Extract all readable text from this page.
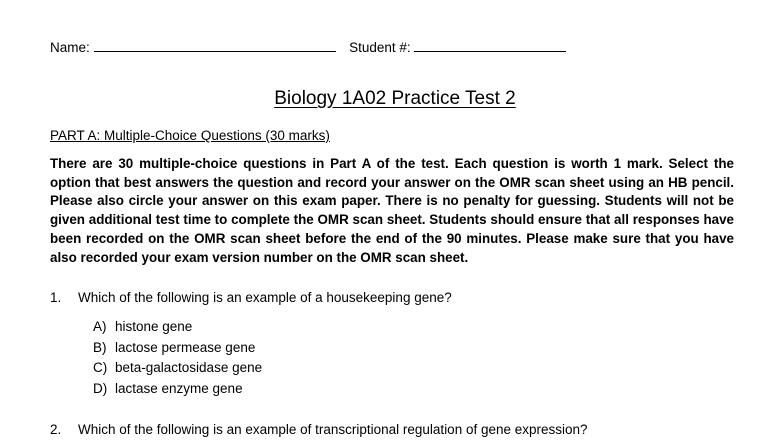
Name:	Student #:
Biology 1A02 Practice Test 2
PART A: Multiple-Choice Questions (30 marks)
There are 30 multiple-choice questions in Part A of the test. Each question is worth 1 mark. Select the option that best answers the question and record your answer on the OMR scan sheet using an HB pencil. Please also circle your answer on this exam paper. There is no penalty for guessing. Students will not be given additional test time to complete the OMR scan sheet. Students should ensure that all responses have been recorded on the OMR scan sheet before the end of the 90 minutes. Please make sure that you have also recorded your exam version number on the OMR scan sheet.
1. Which of the following is an example of a housekeeping gene?
A) histone gene
B) lactose permease gene
C) beta-galactosidase gene
D) lactase enzyme gene
2. Which of the following is an example of transcriptional regulation of gene expression?
